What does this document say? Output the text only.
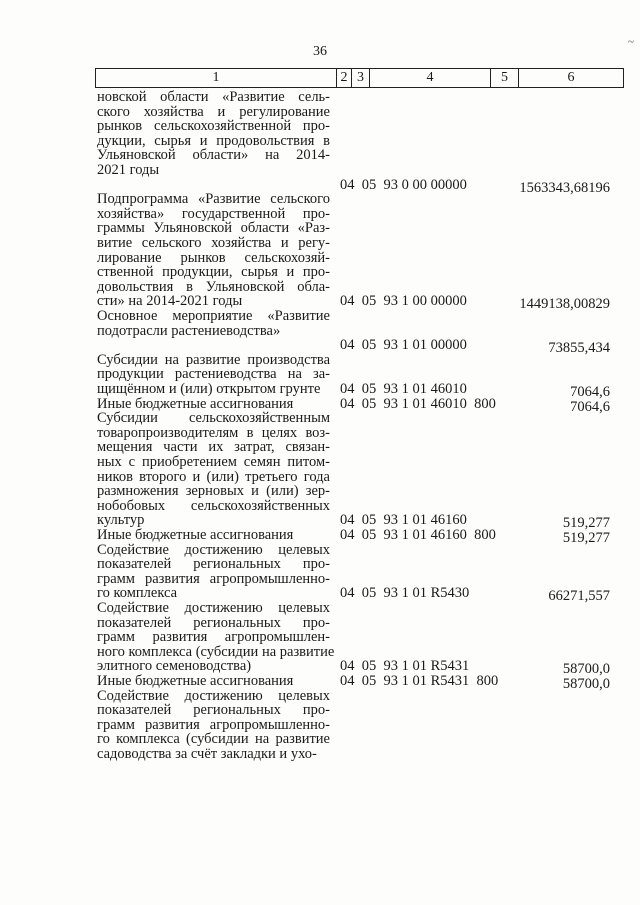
36
~
1	2	3	4	5	6
новской области «Развитие сель-
ского хозяйства и регулирование
рынков сельскохозяйственной про-
дукции, сырья и продовольствия в
Ульяновской области» на 2014-
2021 годы
04  05  93 0 00 00000	1563343,68196
Подпрограмма «Развитие сельского
хозяйства» государственной про-
граммы Ульяновской области «Раз-
витие сельского хозяйства и регу-
лирование рынков сельскохозяй-
ственной продукции, сырья и про-
довольствия в Ульяновской обла-
сти» на 2014-2021 годы	04  05  93 1 00 00000	1449138,00829
Основное мероприятие «Развитие
подотрасли растениеводства»
04  05  93 1 01 00000	73855,434
Субсидии на развитие производства
продукции растениеводства на за-
щищённом и (или) открытом грунте	04  05  93 1 01 46010	7064,6
Иные бюджетные ассигнования	04  05  93 1 01 46010  800	7064,6
Субсидии сельскохозяйственным
товаропроизводителям в целях воз-
мещения части их затрат, связан-
ных с приобретением семян питом-
ников второго и (или) третьего года
размножения зерновых и (или) зер-
нобобовых сельскохозяйственных
культур	04  05  93 1 01 46160	519,277
Иные бюджетные ассигнования	04  05  93 1 01 46160  800	519,277
Содействие достижению целевых
показателей региональных про-
грамм развития агропромышленно-
го комплекса	04  05  93 1 01 R5430	66271,557
Содействие достижению целевых
показателей региональных про-
грамм развития агропромышлен-
ного комплекса (субсидии на развитие
элитного семеноводства)	04  05  93 1 01 R5431	58700,0
Иные бюджетные ассигнования	04  05  93 1 01 R5431  800	58700,0
Содействие достижению целевых
показателей региональных про-
грамм развития агропромышленно-
го комплекса (субсидии на развитие
садоводства за счёт закладки и ухо-
